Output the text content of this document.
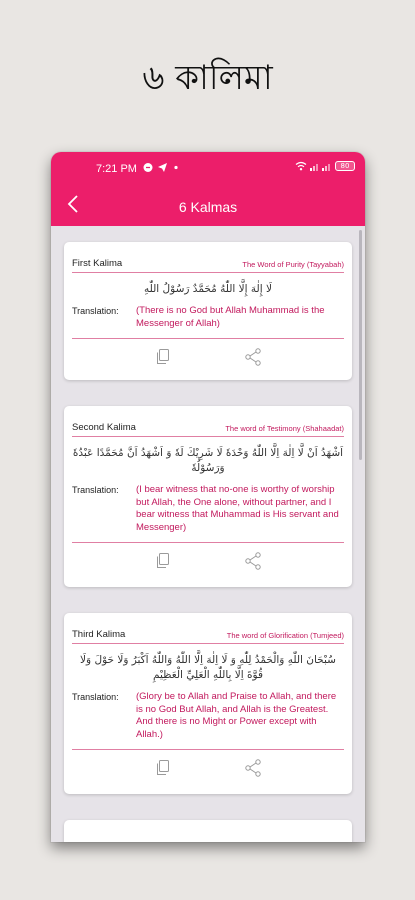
৬ কালিমা
7:21 PM	80
6 Kalmas
First Kalima	The Word of Purity (Tayyabah)
لَا إِلٰهَ إِلَّا اللّٰهُ مُحَمَّدٌ رَسُوْلُ اللّٰهِ
Translation:	(There is no God but Allah Muhammad is the Messenger of Allah)
Second Kalima	The word of Testimony (Shahaadat)
اَشْهَدُ اَنْ لَّا اِلٰهَ اِلَّا اللّٰهُ وَحْدَهٗ لَا شَرِيْكَ لَهٗ وَ اَشْهَدُ اَنَّ مُحَمَّدًا عَبْدُهٗ وَرَسُوْلُهٗ
Translation:	(I bear witness that no-one is worthy of worship but Allah, the One alone, without partner, and I bear witness that Muhammad is His servant and Messenger)
Third Kalima	The word of Glorification (Tumjeed)
سُبْحَانَ اللّٰهِ وَالْحَمْدُ لِلّٰهِ وَ لَا اِلٰهَ اِلَّا اللّٰهُ وَاللّٰهُ اَكْبَرُ وَلَا حَوْلَ وَلَا قُوَّةَ اِلَّا بِاللّٰهِ الْعَلِيِّ الْعَظِيْمِ
Translation:	(Glory be to Allah and Praise to Allah, and there is no God But Allah, and Allah is the Greatest. And there is no Might or Power except with Allah.)
